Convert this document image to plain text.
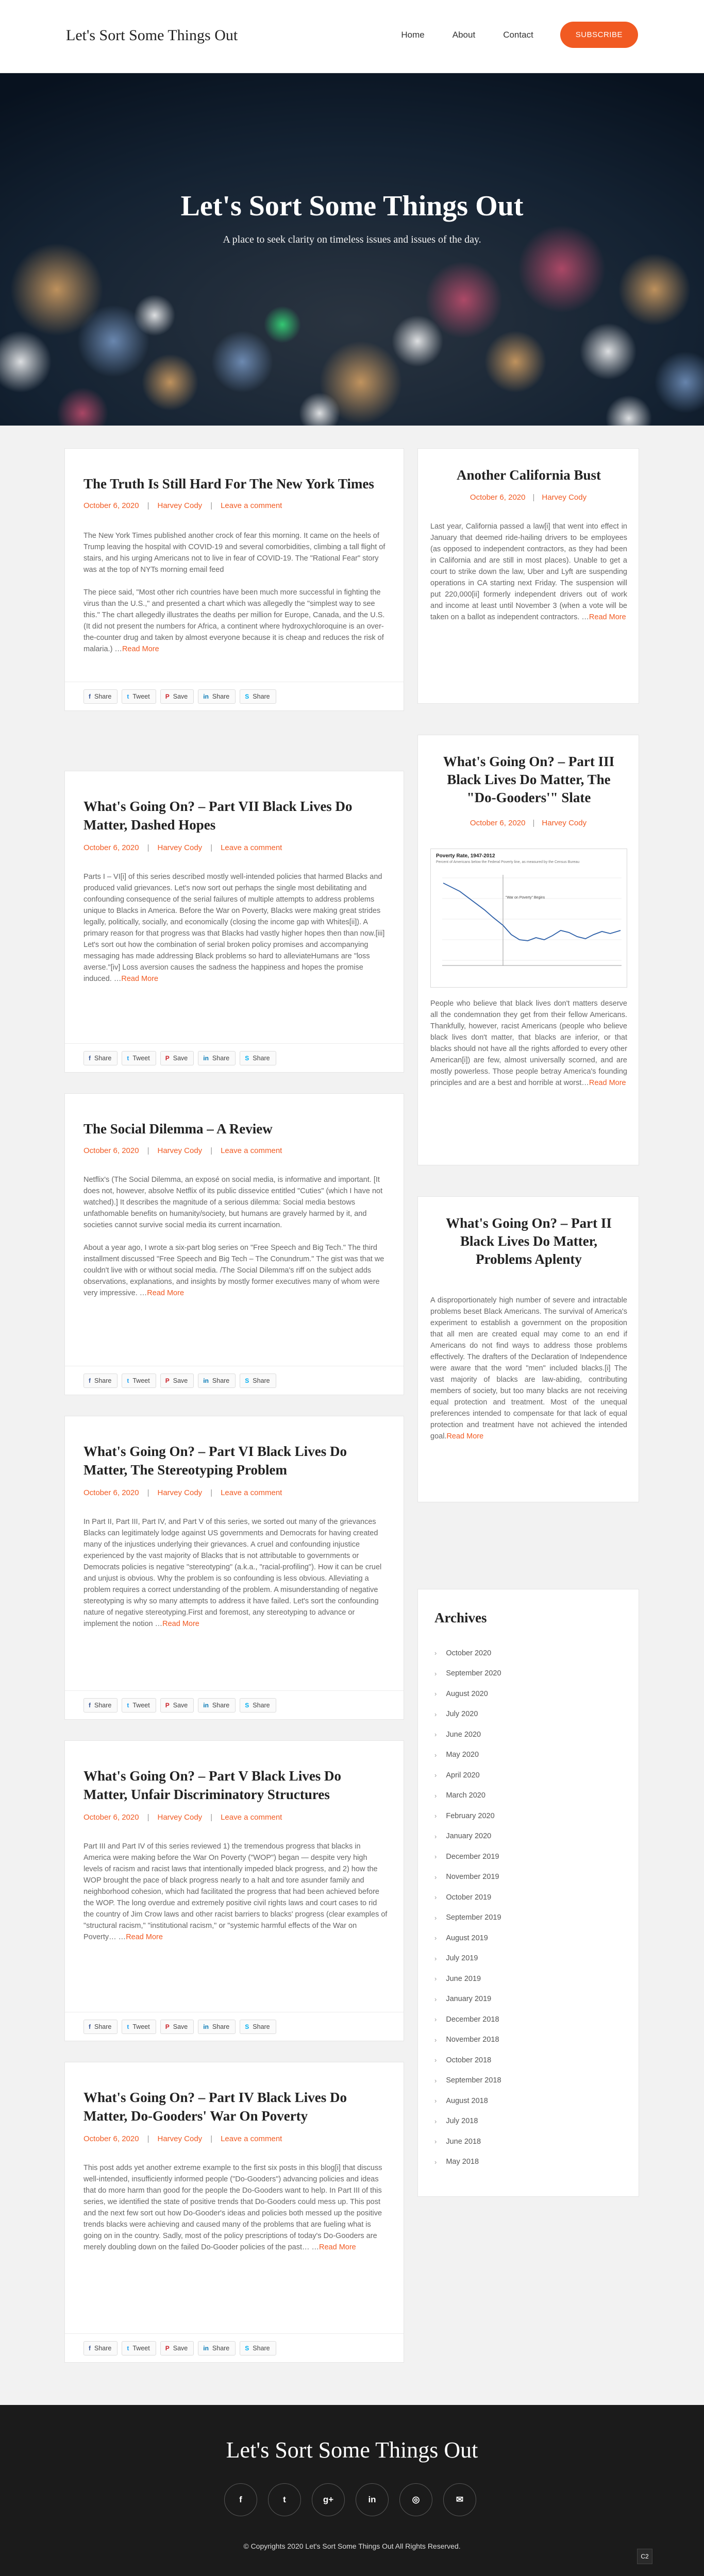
Let's Sort Some Things Out	Home	About	Contact	SUBSCRIBE
Let's Sort Some Things Out

A place to seek clarity on timeless issues and issues of the day.

The Truth Is Still Hard For The New York Times
October 6, 2020 | Harvey Cody | Leave a comment

The New York Times published another crock of fear this morning. It came on the heels of Trump leaving the hospital with COVID-19 and several comorbidities, climbing a tall flight of stairs, and his urging Americans not to live in fear of COVID-19. The "Rational Fear" story was at the top of NYTs morning email feed

The piece said, "Most other rich countries have been much more successful in fighting the virus than the U.S.," and presented a chart which was allegedly the "simplest way to see this." The chart allegedly illustrates the deaths per million for Europe, Canada, and the U.S. (It did not present the numbers for Africa, a continent where hydroxychloroquine is an over-the-counter drug and taken by almost everyone because it is cheap and reduces the risk of malaria.) …Read More

f Share	t Tweet	P Save	in Share	S Share
What's Going On? – Part VII Black Lives Do Matter, Dashed Hopes
October 6, 2020 | Harvey Cody | Leave a comment

Parts I – VI[i] of this series described mostly well-intended policies that harmed Blacks and produced valid grievances. Let's now sort out perhaps the single most debilitating and confounding consequence of the serial failures of multiple attempts to address problems unique to Blacks in America. Before the War on Poverty, Blacks were making great strides legally, politically, socially, and economically (closing the income gap with Whites[ii]). A primary reason for that progress was that Blacks had vastly higher hopes then than now.[iii] Let's sort out how the combination of serial broken policy promises and accompanying messaging has made addressing Black problems so hard to alleviateHumans are "loss averse."[iv] Loss aversion causes the sadness the happiness and hopes the promise induced. …Read More

f Share	t Tweet	P Save	in Share	S Share
The Social Dilemma – A Review
October 6, 2020 | Harvey Cody | Leave a comment

Netflix's (The Social Dilemma, an exposé on social media, is informative and important. [It does not, however, absolve Netflix of its public dissevice entitled "Cuties" (which I have not watched).] It describes the magnitude of a serious dilemma: Social media bestows unfathomable benefits on humanity/society, but humans are gravely harmed by it, and societies cannot survive social media its current incarnation.

About a year ago, I wrote a six-part blog series on "Free Speech and Big Tech." The third installment discussed "Free Speech and Big Tech – The Conundrum." The gist was that we couldn't live with or without social media. /The Social Dilemma's riff on the subject adds observations, explanations, and insights by mostly former executives many of whom were very impressive. …Read More

f Share	t Tweet	P Save	in Share	S Share
What's Going On? – Part VI Black Lives Do Matter, The Stereotyping Problem
October 6, 2020 | Harvey Cody | Leave a comment

In Part II, Part III, Part IV, and Part V of this series, we sorted out many of the grievances Blacks can legitimately lodge against US governments and Democrats for having created many of the injustices underlying their grievances. A cruel and confounding injustice experienced by the vast majority of Blacks that is not attributable to governments or Democrats policies is negative "stereotyping" (a.k.a., "racial-profiling"). How it can be cruel and unjust is obvious. Why the problem is so confounding is less obvious. Alleviating a problem requires a correct understanding of the problem. A misunderstanding of negative stereotyping is why so many attempts to address it have failed. Let's sort the confounding nature of negative stereotyping.First and foremost, any stereotyping to advance or implement the notion …Read More

f Share	t Tweet	P Save	in Share	S Share
What's Going On? – Part V Black Lives Do Matter, Unfair Discriminatory Structures
October 6, 2020 | Harvey Cody | Leave a comment

Part III and Part IV of this series reviewed 1) the tremendous progress that blacks in America were making before the War On Poverty ("WOP") began — despite very high levels of racism and racist laws that intentionally impeded black progress, and 2) how the WOP brought the pace of black progress nearly to a halt and tore asunder family and neighborhood cohesion, which had facilitated the progress that had been achieved before the WOP. The long overdue and extremely positive civil rights laws and court cases to rid the country of Jim Crow laws and other racist barriers to blacks' progress (clear examples of "structural racism," "institutional racism," or "systemic harmful effects of the War on Poverty… …Read More

f Share	t Tweet	P Save	in Share	S Share
What's Going On? – Part IV Black Lives Do Matter, Do-Gooders' War On Poverty
October 6, 2020 | Harvey Cody | Leave a comment

This post adds yet another extreme example to the first six posts in this blog[i] that discuss well-intended, insufficiently informed people ("Do-Gooders") advancing policies and ideas that do more harm than good for the people the Do-Gooders want to help. In Part III of this series, we identified the state of positive trends that Do-Gooders could mess up. This post and the next few sort out how Do-Gooder's ideas and policies both messed up the positive trends blacks were achieving and caused many of the problems that are fueling what is going on in the country. Sadly, most of the policy prescriptions of today's Do-Gooders are merely doubling down on the failed Do-Gooder policies of the past… …Read More

f Share	t Tweet	P Save	in Share	S Share
Another California Bust
October 6, 2020 | Harvey Cody
Last year, California passed a law[i] that went into effect in January that deemed ride-hailing drivers to be employees (as opposed to independent contractors, as they had been in California and are still in most places). Unable to get a court to strike down the law, Uber and Lyft are suspending operations in CA starting next Friday. The suspension will put 220,000[ii] formerly independent drivers out of work and income at least until November 3 (when a vote will be taken on a ballot as independent contractors. …Read More
What's Going On? – Part III Black Lives Do Matter, The "Do-Gooders'" Slate
October 6, 2020 | Harvey Cody
Poverty Rate, 1947-2012
Percent of Americans below the Federal Poverty line, as measured by the Census Bureau
"War on Poverty" Begins
People who believe that black lives don't matters deserve all the condemnation they get from their fellow Americans. Thankfully, however, racist Americans (people who believe black lives don't matter, that blacks are inferior, or that blacks should not have all the rights afforded to every other American[i]) are few, almost universally scorned, and are mostly powerless. Those people betray America's founding principles and are a best and horrible at worst…Read More
What's Going On? – Part II Black Lives Do Matter, Problems Aplenty
A disproportionately high number of severe and intractable problems beset Black Americans. The survival of America's experiment to establish a government on the proposition that all men are created equal may come to an end if Americans do not find ways to address those problems effectively. The drafters of the Declaration of Independence were aware that the word "men" included blacks.[i] The vast majority of blacks are law-abiding, contributing members of society, but too many blacks are not receiving equal protection and treatment. Most of the unequal preferences intended to compensate for that lack of equal protection and treatment have not achieved the intended goal.Read More
Archives
› October 2020
› September 2020
› August 2020
› July 2020
› June 2020
› May 2020
› April 2020
› March 2020
› February 2020
› January 2020
› December 2019
› November 2019
› October 2019
› September 2019
› August 2019
› July 2019
› June 2019
› January 2019
› December 2018
› November 2018
› October 2018
› September 2018
› August 2018
› July 2018
› June 2018
› May 2018
Let's Sort Some Things Out
f	t	g+	in	◎	✉
© Copyrights 2020 Let's Sort Some Things Out All Rights Reserved.
C2
